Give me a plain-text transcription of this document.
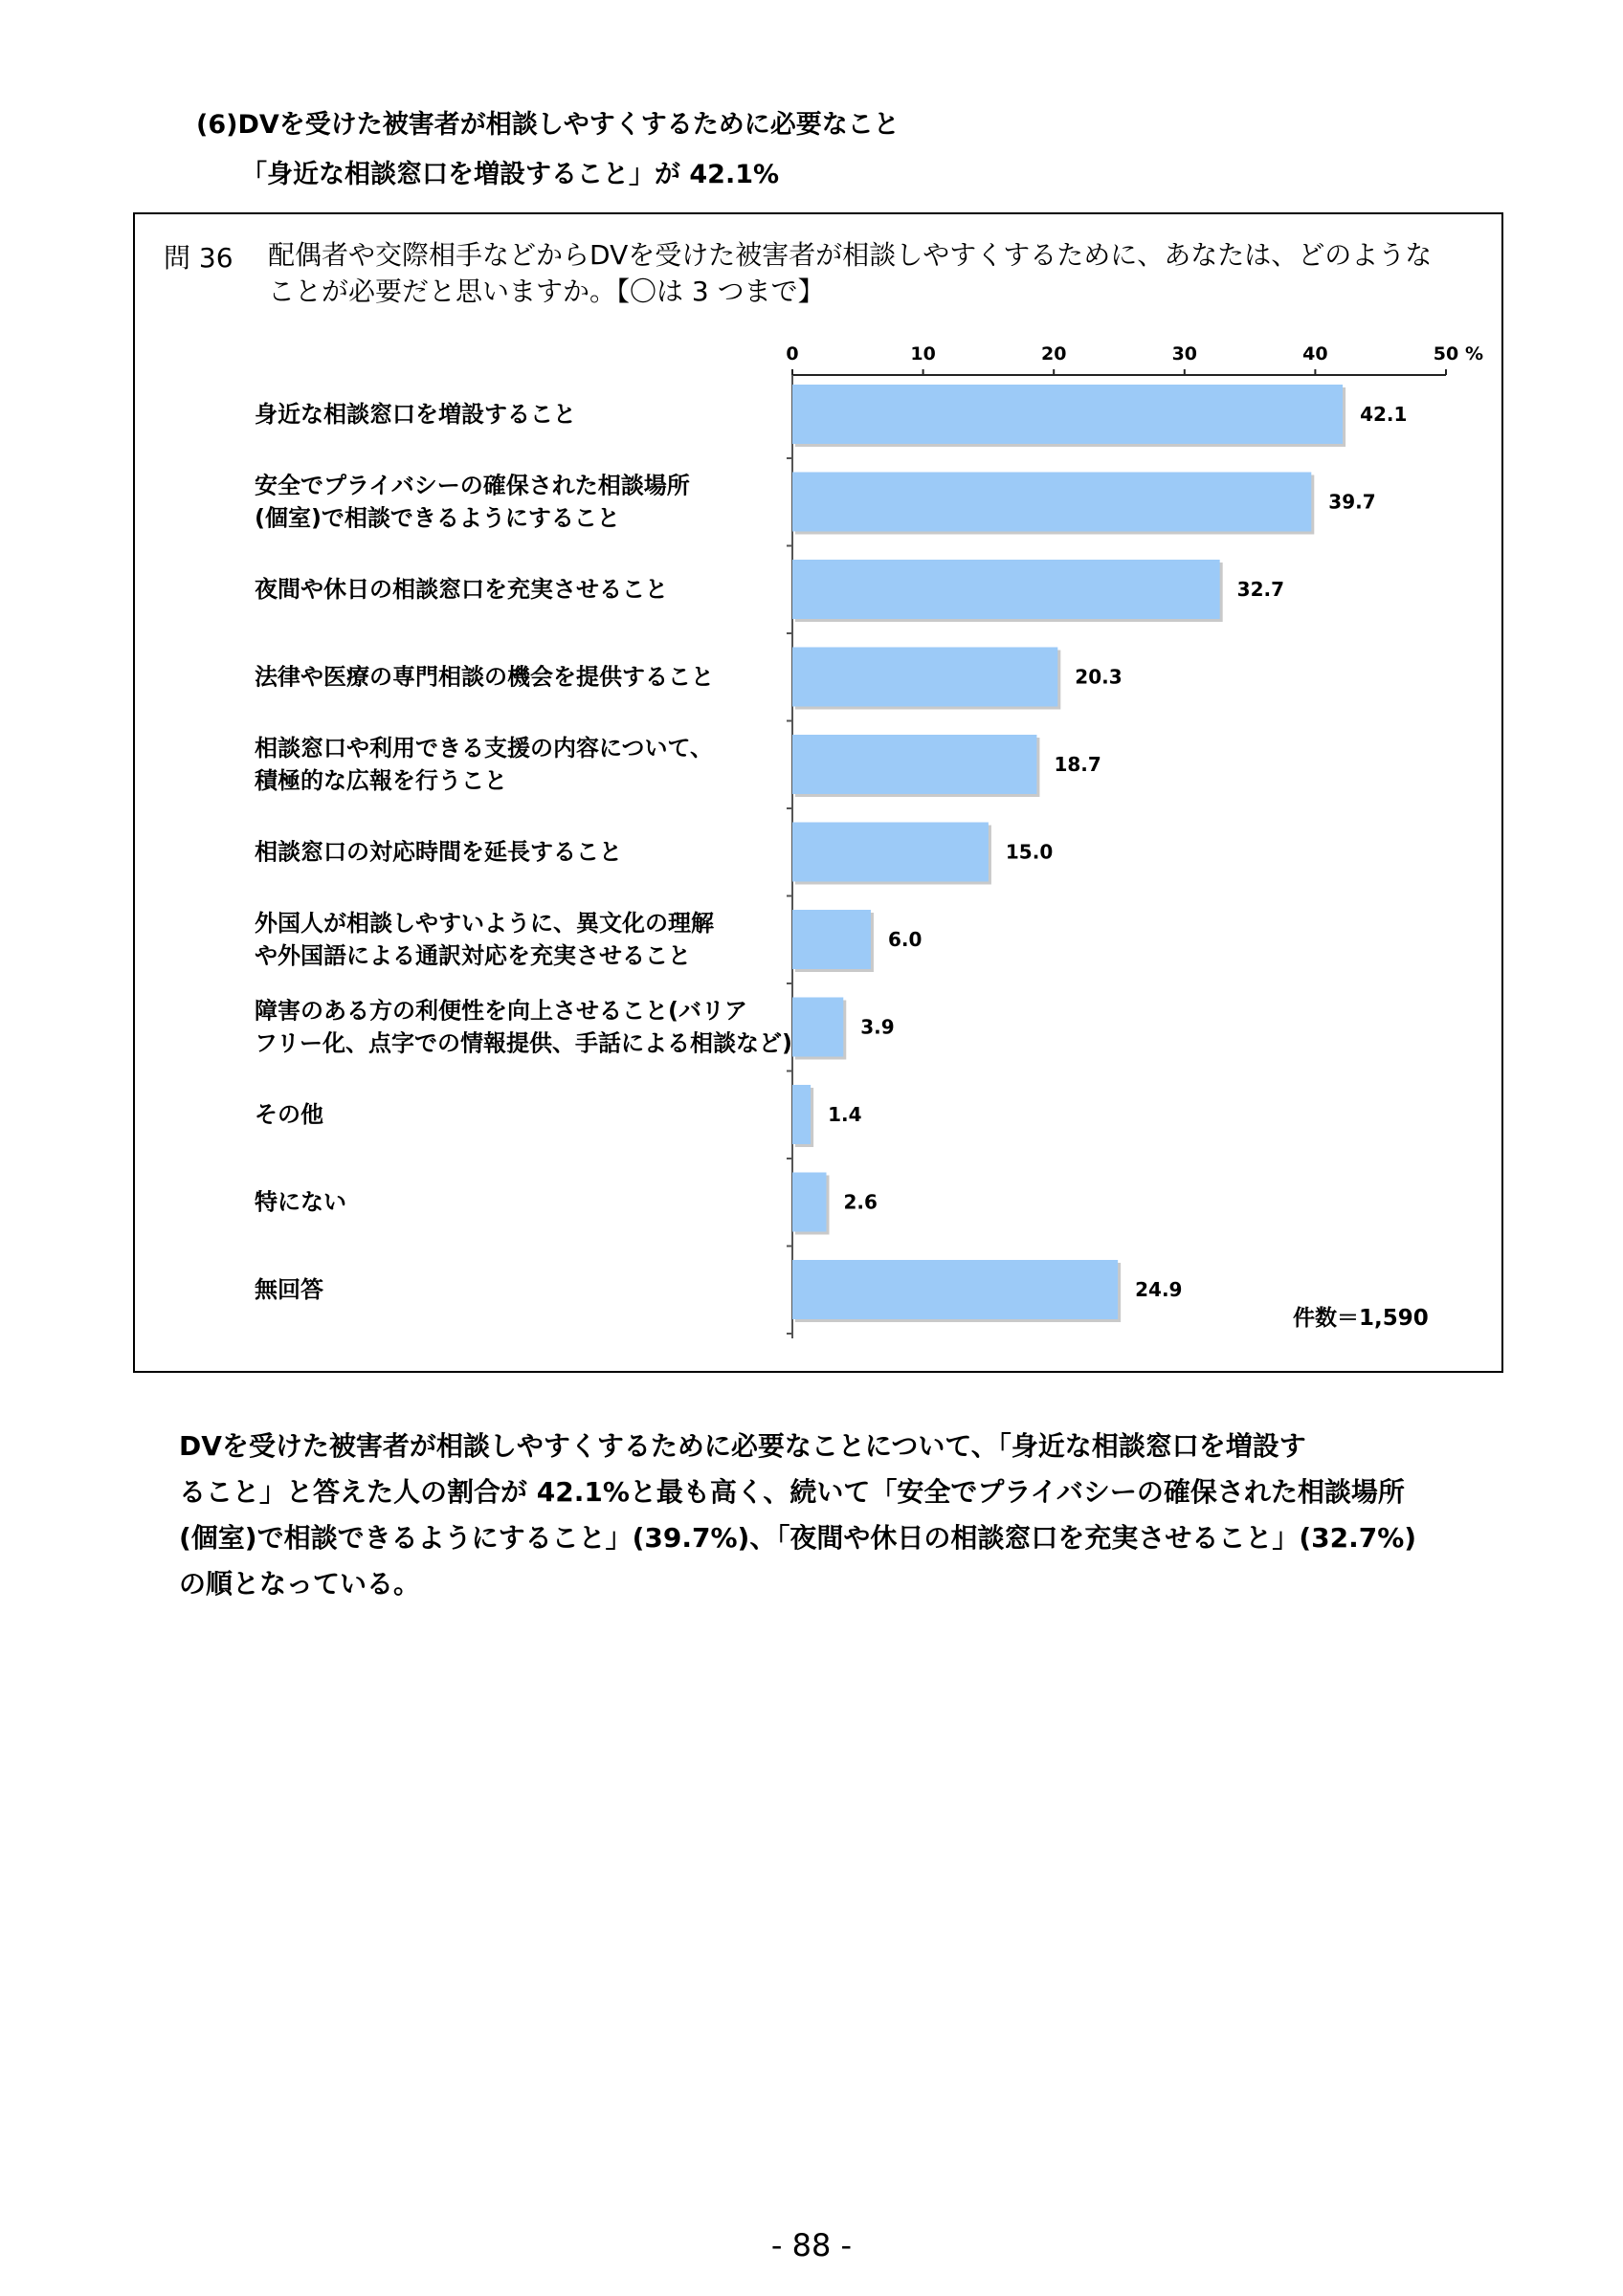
(6)DVを受けた被害者が相談しやすくするために必要なこと
「身近な相談窓口を増設すること」が 42.1%
問 36 配偶者や交際相手などからDVを受けた被害者が相談しやすくするために、あなたは、どのようなことが必要だと思いますか。【〇は 3 つまで】
0	10	20	30	40	50 %
42.1
身近な相談窓口を増設すること
39.7
安全でプライバシーの確保された相談場所
(個室)で相談できるようにすること
32.7
夜間や休日の相談窓口を充実させること
20.3
法律や医療の専門相談の機会を提供すること
18.7
相談窓口や利用できる支援の内容について、
積極的な広報を行うこと
15.0
相談窓口の対応時間を延長すること
6.0
外国人が相談しやすいように、異文化の理解
や外国語による通訳対応を充実させること
3.9
障害のある方の利便性を向上させること(バリア
フリー化、点字での情報提供、手話による相談など)
1.4
その他
2.6
特にない
24.9
無回答
件数＝1,590

DVを受けた被害者が相談しやすくするために必要なことについて、「身近な相談窓口を増設す

ること」と答えた人の割合が 42.1%と最も高く、続いて「安全でプライバシーの確保された相談場所

(個室)で相談できるようにすること」(39.7%)、「夜間や休日の相談窓口を充実させること」(32.7%)

の順となっている。

- 88 -
